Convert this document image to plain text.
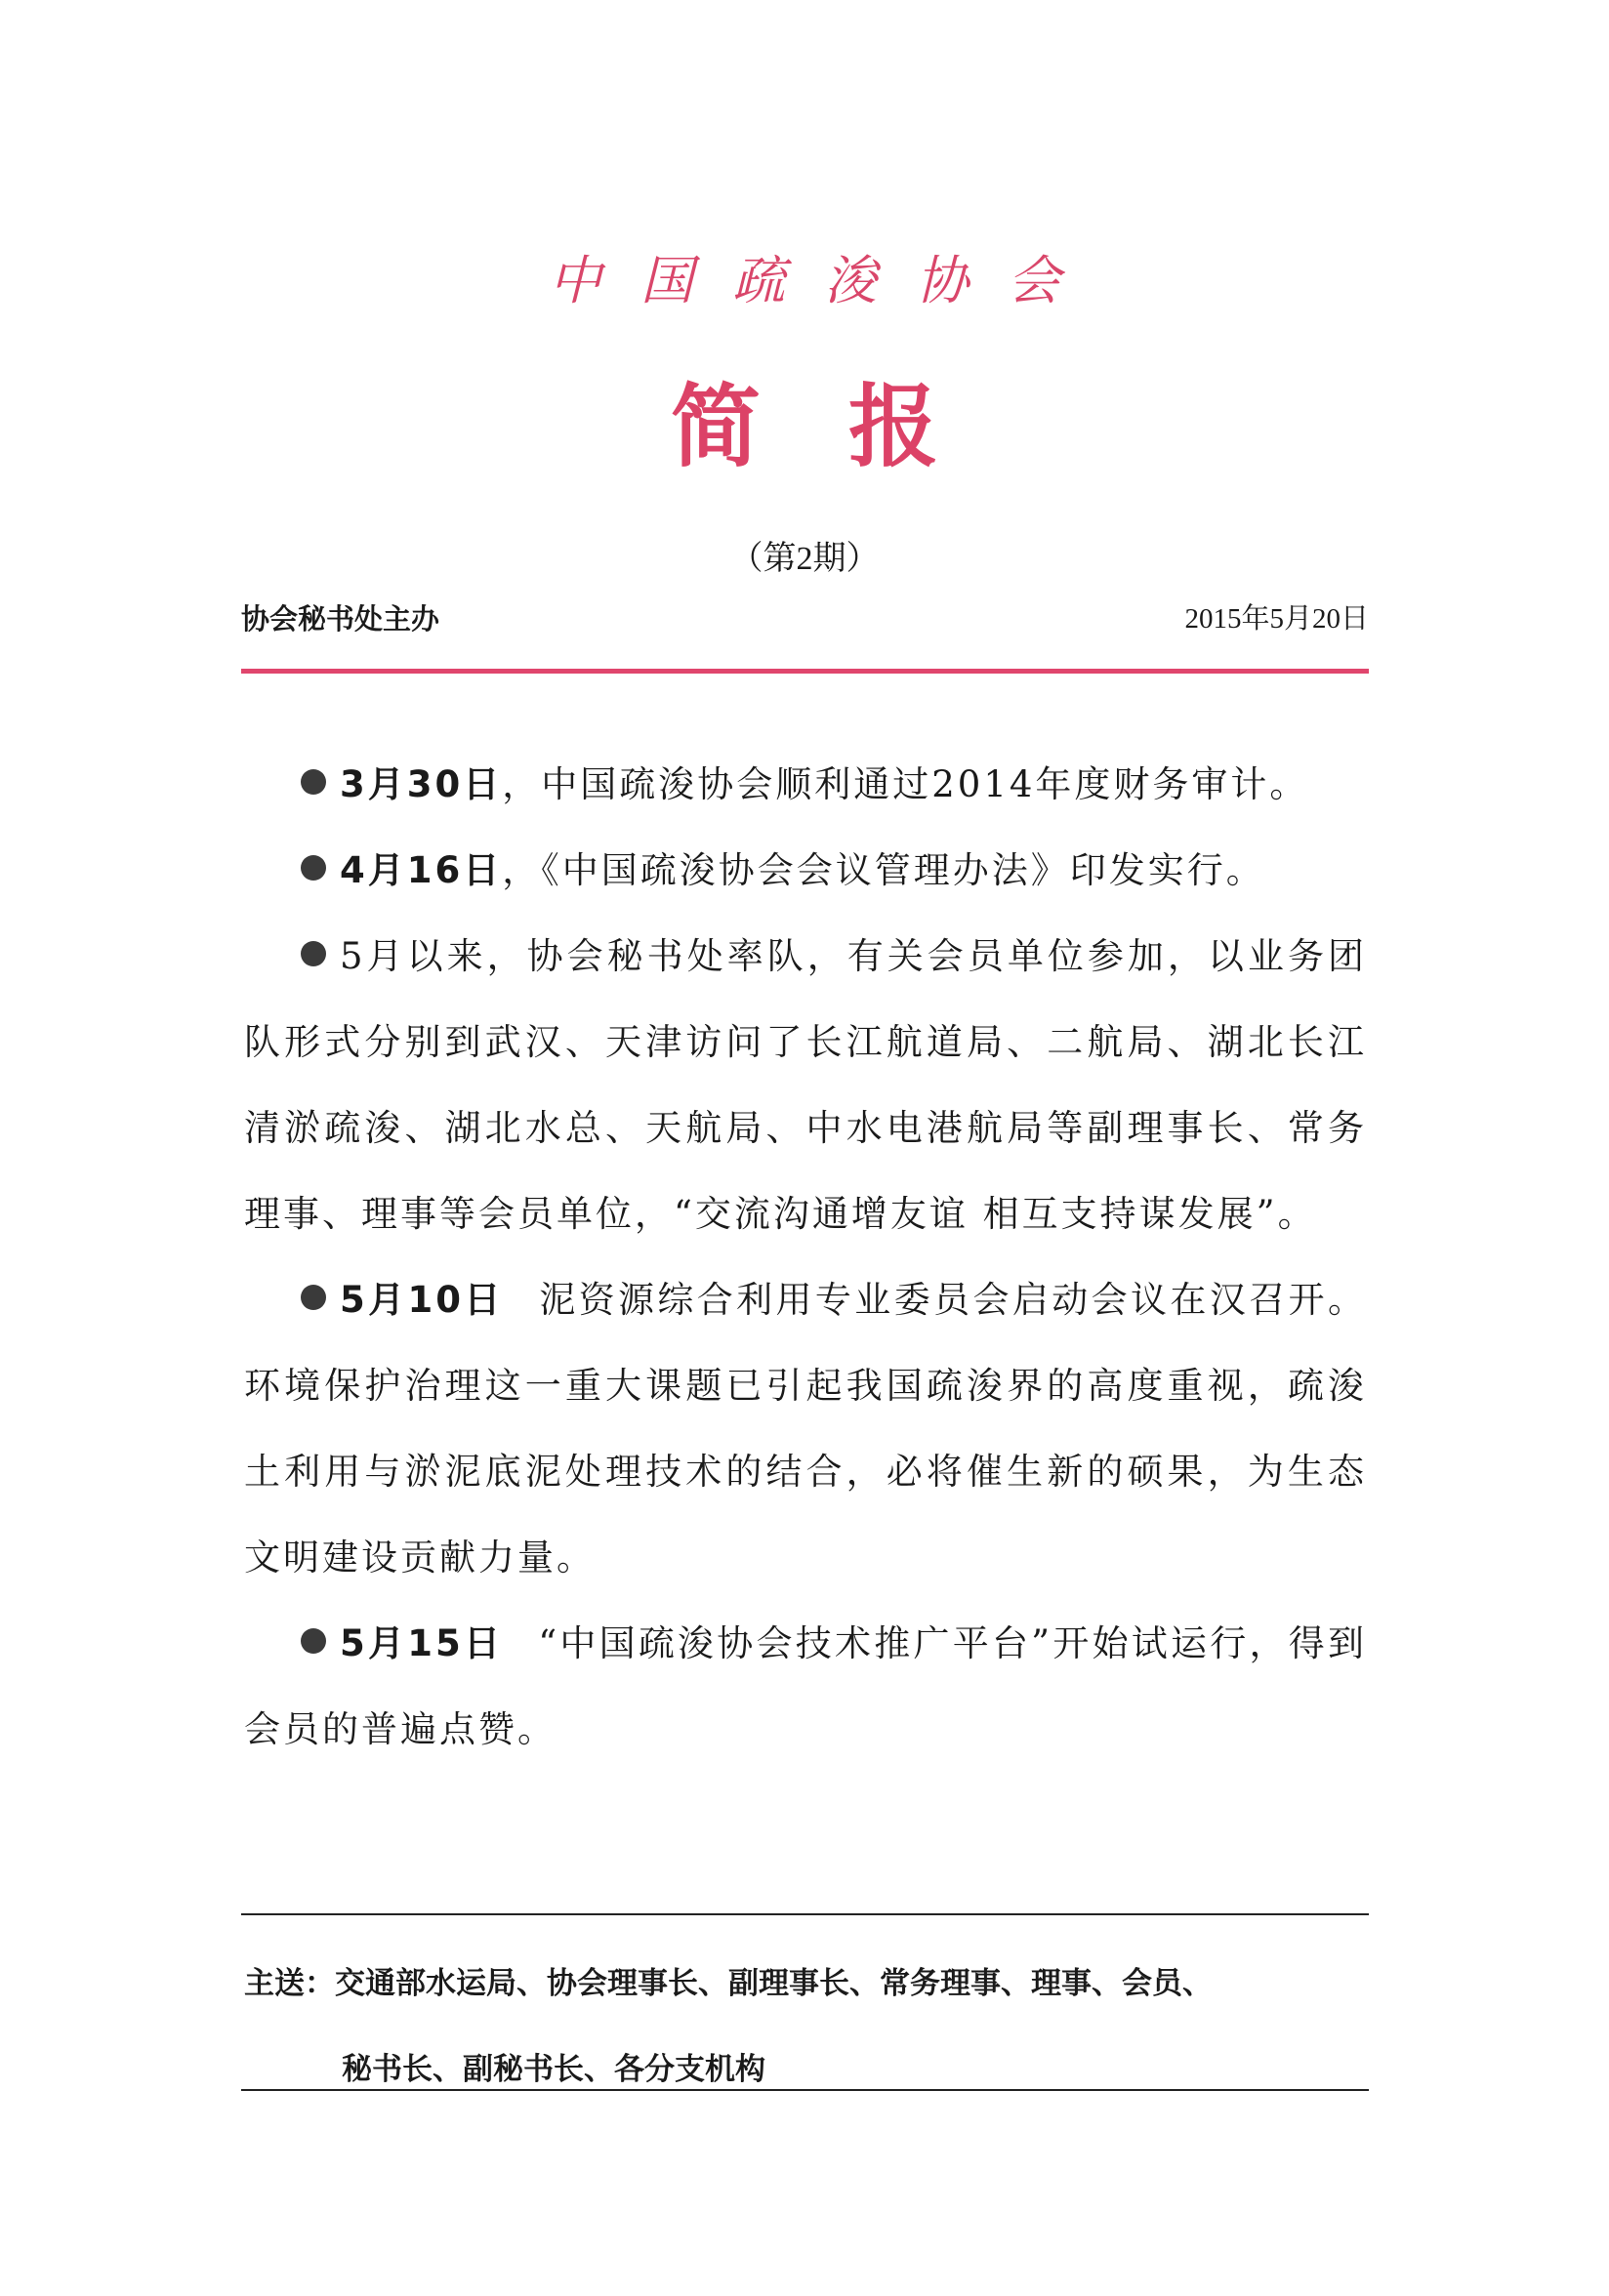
中国疏浚协会
简报
（第2期）
协会秘书处主办	2015年5月20日

3月30日，中国疏浚协会顺利通过2014年度财务审计。

4月16日，《中国疏浚协会会议管理办法》印发实行。

5月以来，协会秘书处率队，有关会员单位参加，以业务团队形式分别到武汉、天津访问了长江航道局、二航局、湖北长江清淤疏浚、湖北水总、天航局、中水电港航局等副理事长、常务理事、理事等会员单位，“交流沟通增友谊 相互支持谋发展”。

5月10日 泥资源综合利用专业委员会启动会议在汉召开。环境保护治理这一重大课题已引起我国疏浚界的高度重视，疏浚土利用与淤泥底泥处理技术的结合，必将催生新的硕果，为生态文明建设贡献力量。

5月15日 “中国疏浚协会技术推广平台”开始试运行，得到会员的普遍点赞。

主送：交通部水运局、协会理事长、副理事长、常务理事、理事、会员、
秘书长、副秘书长、各分支机构
